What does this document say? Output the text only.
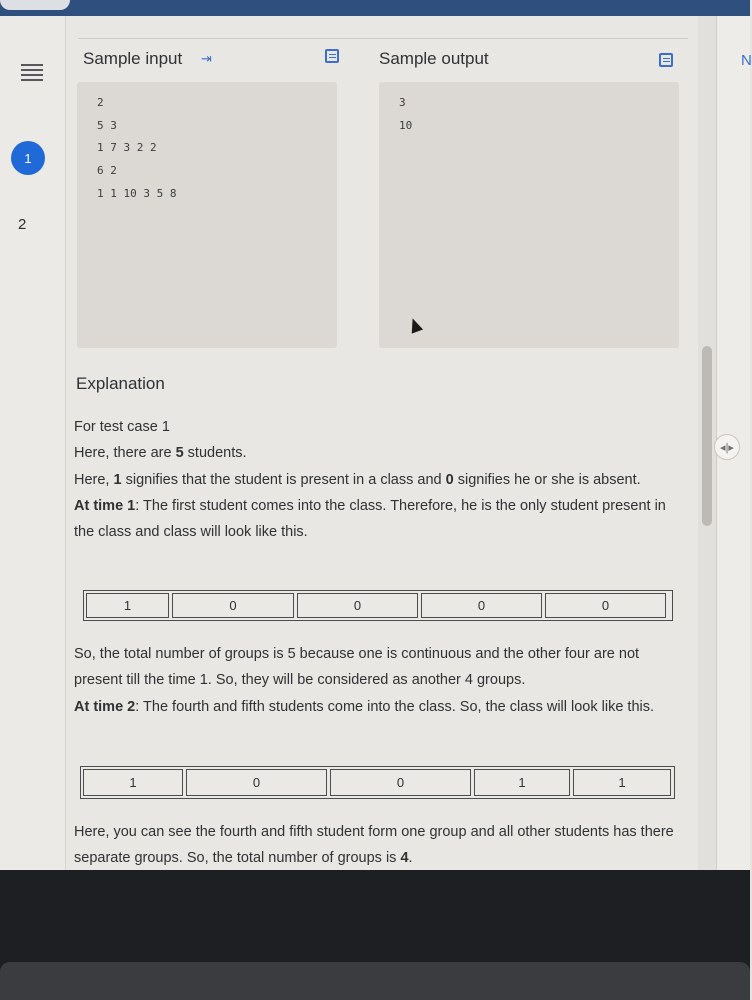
1
2
Sample input ⇥	Sample output
2
5 3
1 7 3 2 2
6 2
1 1 10 3 5 8
3
10
Explanation
For test case 1
Here, there are 5 students.
Here, 1 signifies that the student is present in a class and 0 signifies he or she is absent.
At time 1: The first student comes into the class. Therefore, he is the only student present in the class and class will look like this.
1	0	0	0	0
So, the total number of groups is 5 because one is continuous and the other four are not present till the time 1. So, they will be considered as another 4 groups.
At time 2: The fourth and fifth students come into the class. So, the class will look like this.
1	0	0	1	1
Here, you can see the fourth and fifth student form one group and all other students has there separate groups. So, the total number of groups is 4.
N
◂|▸
